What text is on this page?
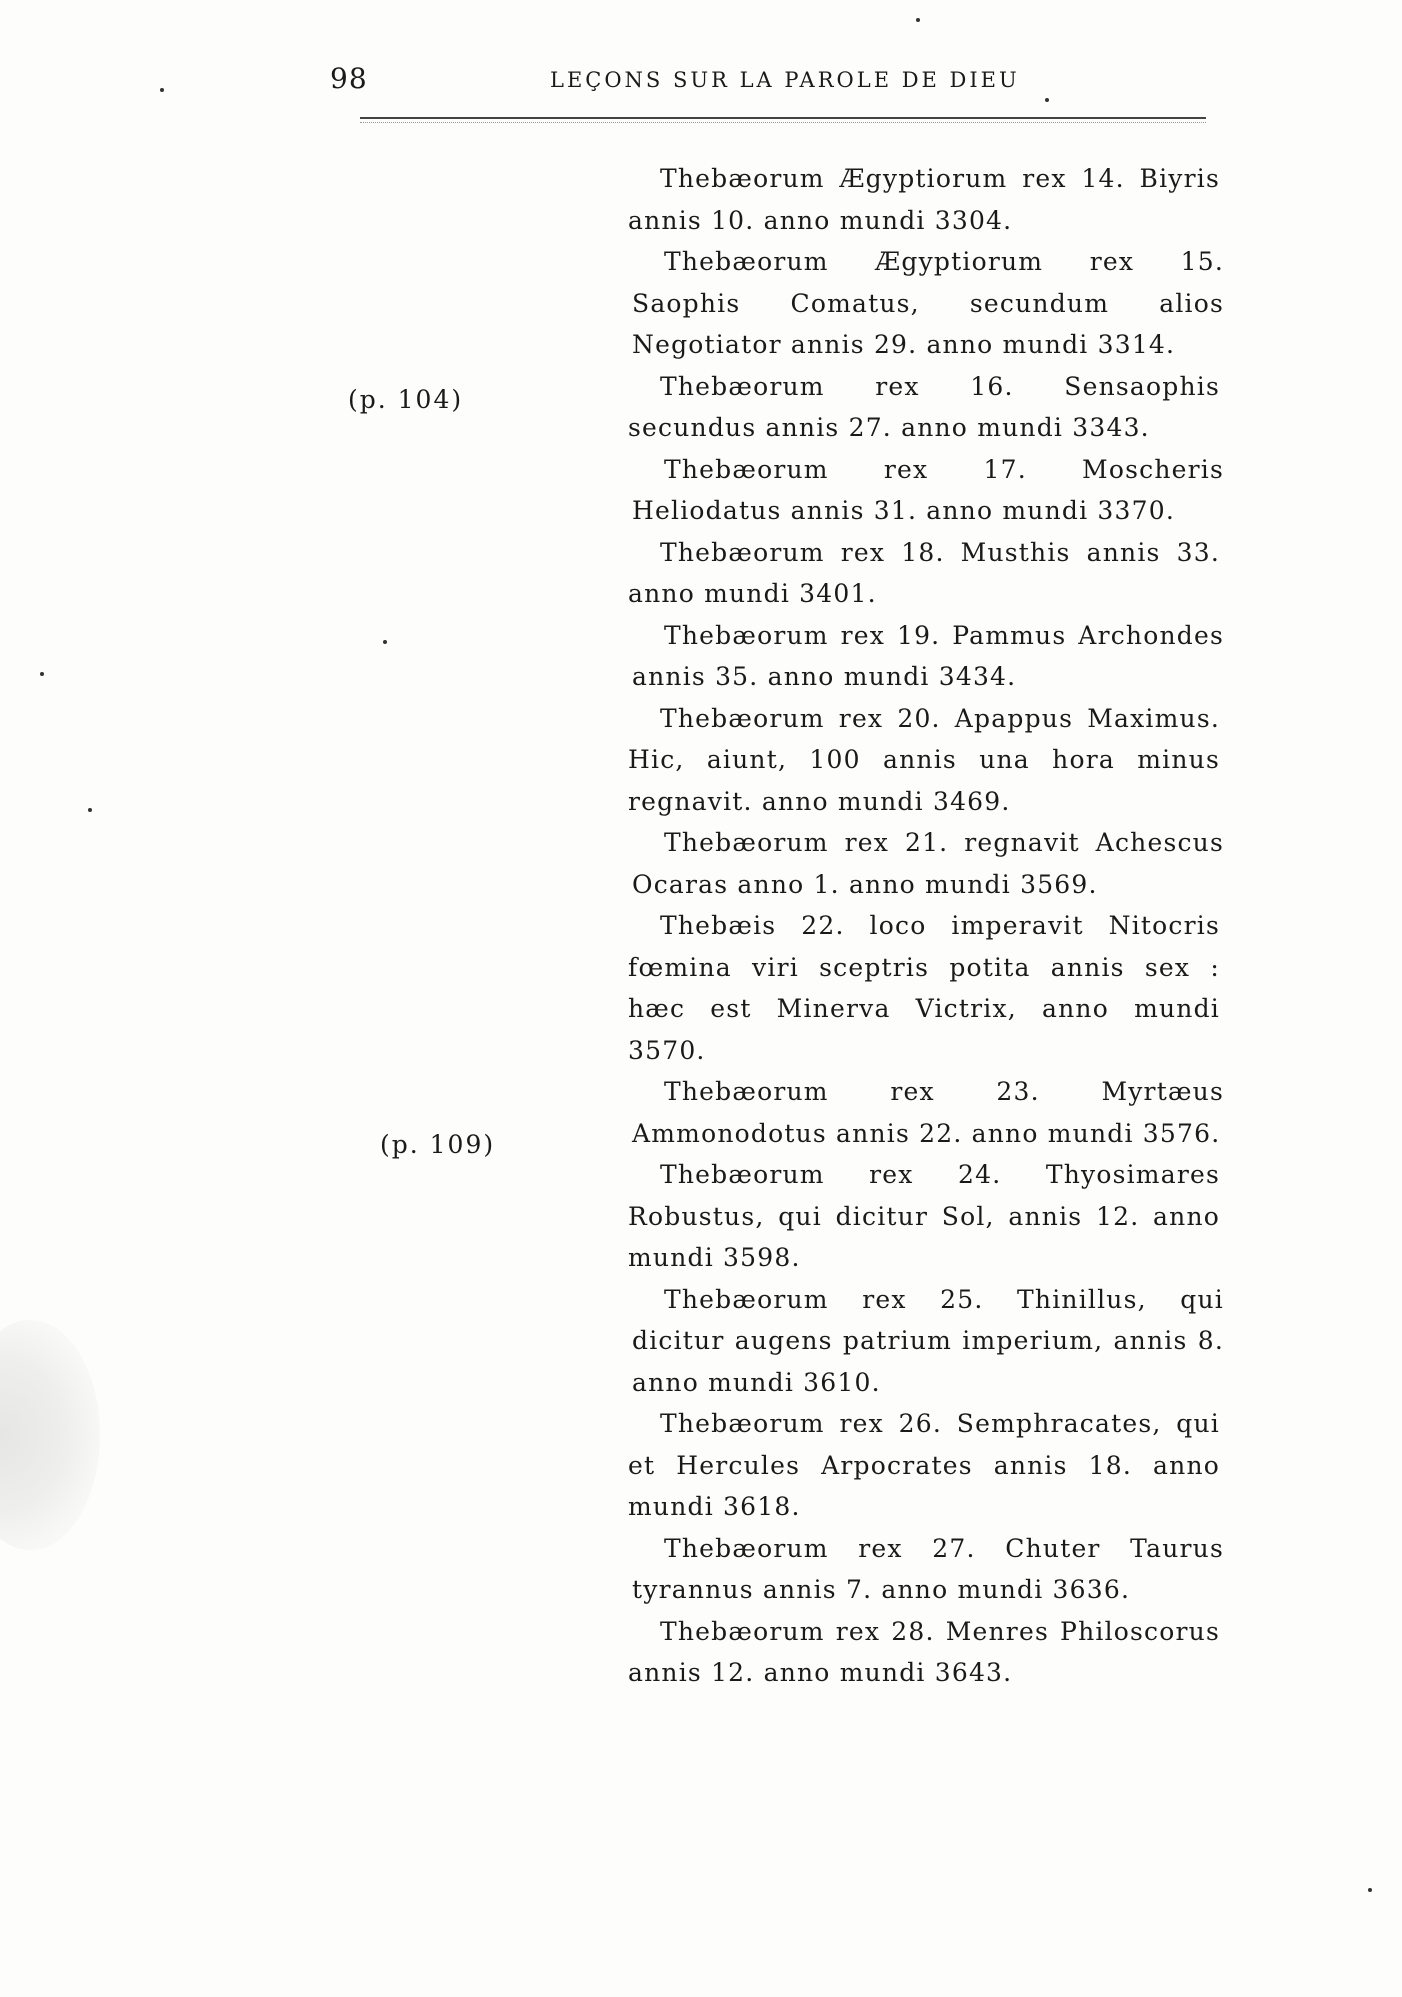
98	LEÇONS SUR LA PAROLE DE DIEU
(p. 104)
(p. 109)

Thebæorum Ægyptiorum rex 14. Biyris annis 10. anno mundi 3304.

Thebæorum Ægyptiorum rex 15. Saophis Comatus, secundum alios Negotiator annis 29. anno mundi 3314.

Thebæorum rex 16. Sensaophis secundus annis 27. anno mundi 3343.

Thebæorum rex 17. Moscheris Heliodatus annis 31. anno mundi 3370.

Thebæorum rex 18. Musthis annis 33. anno mundi 3401.

Thebæorum rex 19. Pammus Archondes annis 35. anno mundi 3434.

Thebæorum rex 20. Apappus Maximus. Hic, aiunt, 100 annis una hora minus regnavit. anno mundi 3469.

Thebæorum rex 21. regnavit Achescus Ocaras anno 1. anno mundi 3569.

Thebæis 22. loco imperavit Nitocris fœmina viri sceptris potita annis sex : hæc est Minerva Victrix, anno mundi 3570.

Thebæorum rex 23. Myrtæus Ammonodotus annis 22. anno mundi 3576.

Thebæorum rex 24. Thyosimares Robustus, qui dicitur Sol, annis 12. anno mundi 3598.

Thebæorum rex 25. Thinillus, qui dicitur augens patrium imperium, annis 8. anno mundi 3610.

Thebæorum rex 26. Semphracates, qui et Hercules Arpocrates annis 18. anno mundi 3618.

Thebæorum rex 27. Chuter Taurus tyrannus annis 7. anno mundi 3636.

Thebæorum rex 28. Menres Philoscorus annis 12. anno mundi 3643.
